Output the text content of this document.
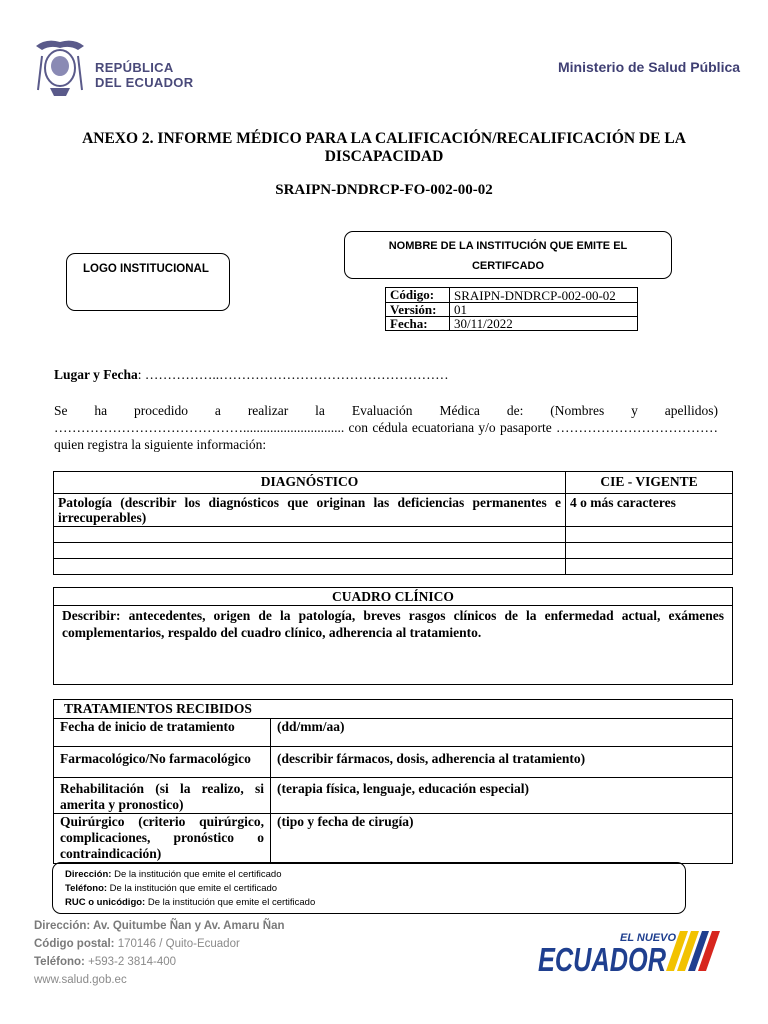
REPÚBLICA
DEL ECUADOR
Ministerio de Salud Pública
ANEXO 2. INFORME MÉDICO PARA LA CALIFICACIÓN/RECALIFICACIÓN DE LA DISCAPACIDAD
SRAIPN-DNDRCP-FO-002-00-02
NOMBRE DE LA INSTITUCIÓN QUE EMITE EL CERTIFCADO
LOGO INSTITUCIONAL
Código:	SRAIPN-DNDRCP-002-00-02
Versión:	01
Fecha:	30/11/2022
Lugar y Fecha: ……………..……………………………………………
Se ha procedido a realizar la Evaluación Médica de: (Nombres y apellidos) …………………………………….............................. con cédula ecuatoriana y/o pasaporte ……………………………… quien registra la siguiente información:
DIAGNÓSTICO	CIE - VIGENTE
Patología (describir los diagnósticos que originan las deficiencias permanentes e irrecuperables)	4 o más caracteres

CUADRO CLÍNICO
Describir: antecedentes, origen de la patología, breves rasgos clínicos de la enfermedad actual, exámenes complementarios, respaldo del cuadro clínico, adherencia al tratamiento.
TRATAMIENTOS RECIBIDOS	
Fecha de inicio de tratamiento	(dd/mm/aa)
Farmacológico/No farmacológico	(describir fármacos, dosis, adherencia al tratamiento)
Rehabilitación (si la realizo, si amerita y pronostico)	(terapia física, lenguaje, educación especial)
Quirúrgico (criterio quirúrgico, complicaciones, pronóstico o contraindicación)	(tipo y fecha de cirugía)
Dirección: De la institución que emite el certificado
Teléfono: De la institución que emite el certificado
RUC o unicódigo: De la institución que emite el certificado
Dirección: Av. Quitumbe Ñan y Av. Amaru Ñan
Código postal: 170146 / Quito-Ecuador
Teléfono: +593-2 3814-400
www.salud.gob.ec
EL NUEVO
ECUADOR
